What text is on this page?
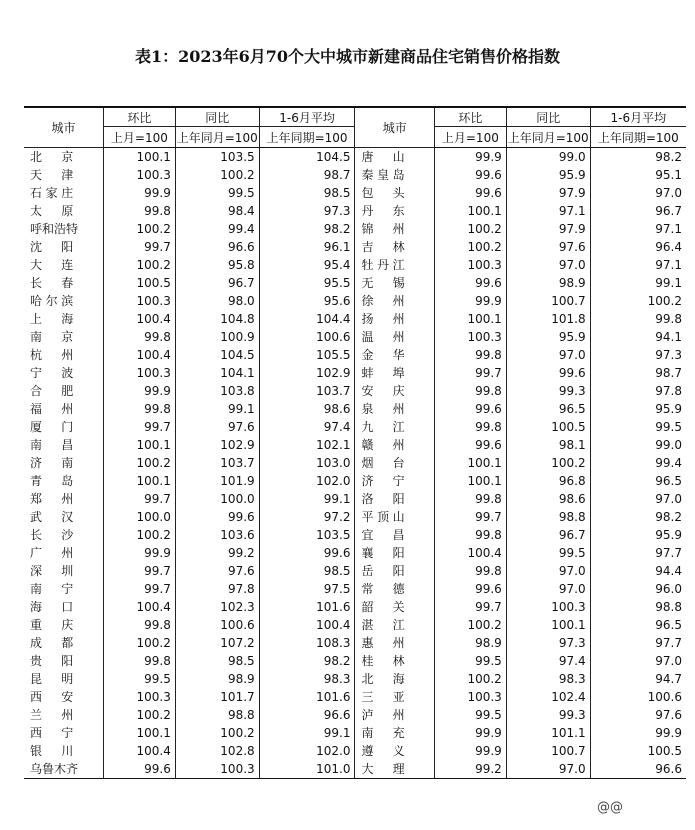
表1：2023年6月70个大中城市新建商品住宅销售价格指数
城市	环比	同比	1-6月平均	城市	环比	同比	1-6月平均
	上月=100	上年同月=100	上年同期=100		上月=100	上年同月=100	上年同期=100
北京	100.1	103.5	104.5	唐山	99.9	99.0	98.2
天津	100.3	100.2	98.7	秦皇岛	99.6	95.9	95.1
石家庄	99.9	99.5	98.5	包头	99.6	97.9	97.0
太原	99.8	98.4	97.3	丹东	100.1	97.1	96.7
呼和浩特	100.2	99.4	98.2	锦州	100.2	97.9	97.1
沈阳	99.7	96.6	96.1	吉林	100.2	97.6	96.4
大连	100.2	95.8	95.4	牡丹江	100.3	97.0	97.1
长春	100.5	96.7	95.5	无锡	99.6	98.9	99.1
哈尔滨	100.3	98.0	95.6	徐州	99.9	100.7	100.2
上海	100.4	104.8	104.4	扬州	100.1	101.8	99.8
南京	99.8	100.9	100.6	温州	100.3	95.9	94.1
杭州	100.4	104.5	105.5	金华	99.8	97.0	97.3
宁波	100.3	104.1	102.9	蚌埠	99.7	99.6	98.7
合肥	99.9	103.8	103.7	安庆	99.8	99.3	97.8
福州	99.8	99.1	98.6	泉州	99.6	96.5	95.9
厦门	99.7	97.6	97.4	九江	99.8	100.5	99.5
南昌	100.1	102.9	102.1	赣州	99.6	98.1	99.0
济南	100.2	103.7	103.0	烟台	100.1	100.2	99.4
青岛	100.1	101.9	102.0	济宁	100.1	96.8	96.5
郑州	99.7	100.0	99.1	洛阳	99.8	98.6	97.0
武汉	100.0	99.6	97.2	平顶山	99.7	98.8	98.2
长沙	100.2	103.6	103.5	宜昌	99.8	96.7	95.9
广州	99.9	99.2	99.6	襄阳	100.4	99.5	97.7
深圳	99.7	97.6	98.5	岳阳	99.8	97.0	94.4
南宁	99.7	97.8	97.5	常德	99.6	97.0	96.0
海口	100.4	102.3	101.6	韶关	99.7	100.3	98.8
重庆	99.8	100.6	100.4	湛江	100.2	100.1	96.5
成都	100.2	107.2	108.3	惠州	98.9	97.3	97.7
贵阳	99.8	98.5	98.2	桂林	99.5	97.4	97.0
昆明	99.5	98.9	98.3	北海	100.2	98.3	94.7
西安	100.3	101.7	101.6	三亚	100.3	102.4	100.6
兰州	100.2	98.8	96.6	泸州	99.5	99.3	97.6
西宁	100.1	100.2	99.1	南充	99.9	101.1	99.9
银川	100.4	102.8	102.0	遵义	99.9	100.7	100.5
乌鲁木齐	99.6	100.3	101.0	大理	99.2	97.0	96.6
@@
